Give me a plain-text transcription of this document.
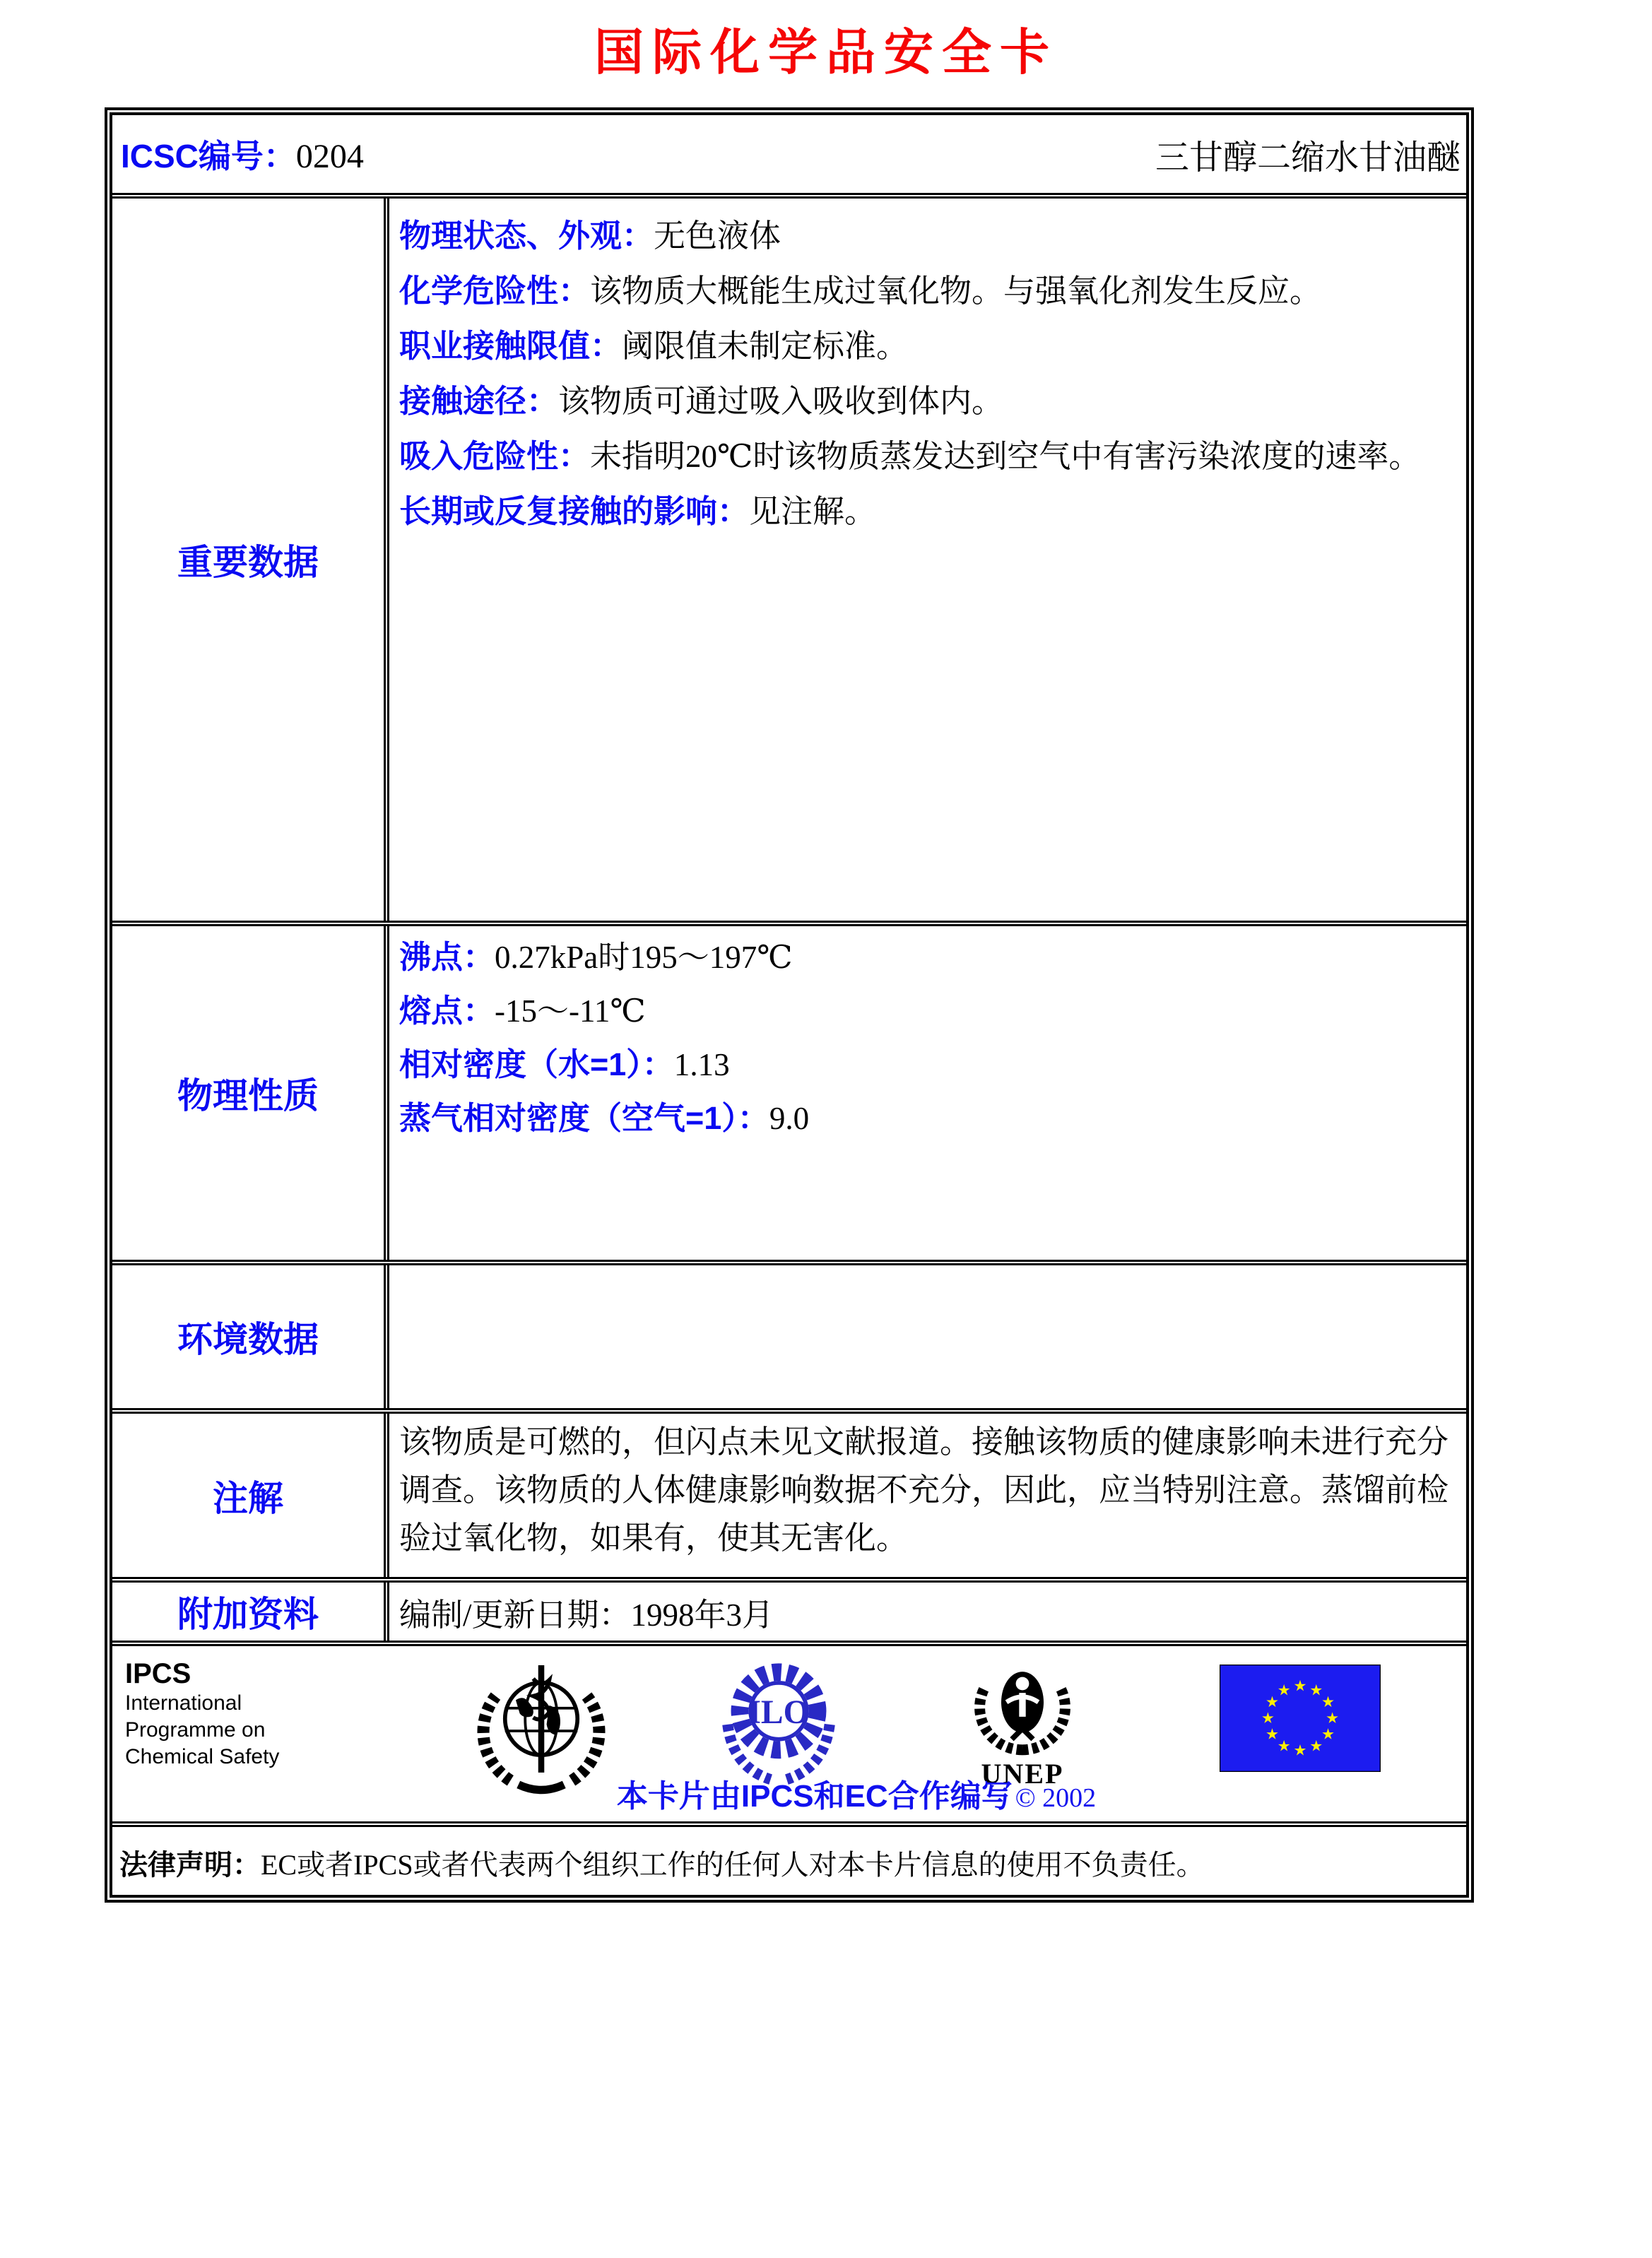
国际化学品安全卡
ICSC编号：0204	三甘醇二缩水甘油醚
重要数据
物理状态、外观：无色液体
化学危险性：该物质大概能生成过氧化物。与强氧化剂发生反应。
职业接触限值：阈限值未制定标准。
接触途径：该物质可通过吸入吸收到体内。
吸入危险性：未指明20℃时该物质蒸发达到空气中有害污染浓度的速率。
长期或反复接触的影响：见注解。
物理性质
沸点：0.27kPa时195～197℃
熔点：-15～-11℃
相对密度（水=1）：1.13
蒸气相对密度（空气=1）：9.0
环境数据
注解
该物质是可燃的，但闪点未见文献报道。接触该物质的健康影响未进行充分调查。该物质的人体健康影响数据不充分，因此，应当特别注意。蒸馏前检验过氧化物，如果有，使其无害化。
附加资料	编制/更新日期：1998年3月
IPCS
International
Programme on
Chemical Safety
ILO
UNEP
本卡片由IPCS和EC合作编写 © 2002
法律声明：EC或者IPCS或者代表两个组织工作的任何人对本卡片信息的使用不负责任。
